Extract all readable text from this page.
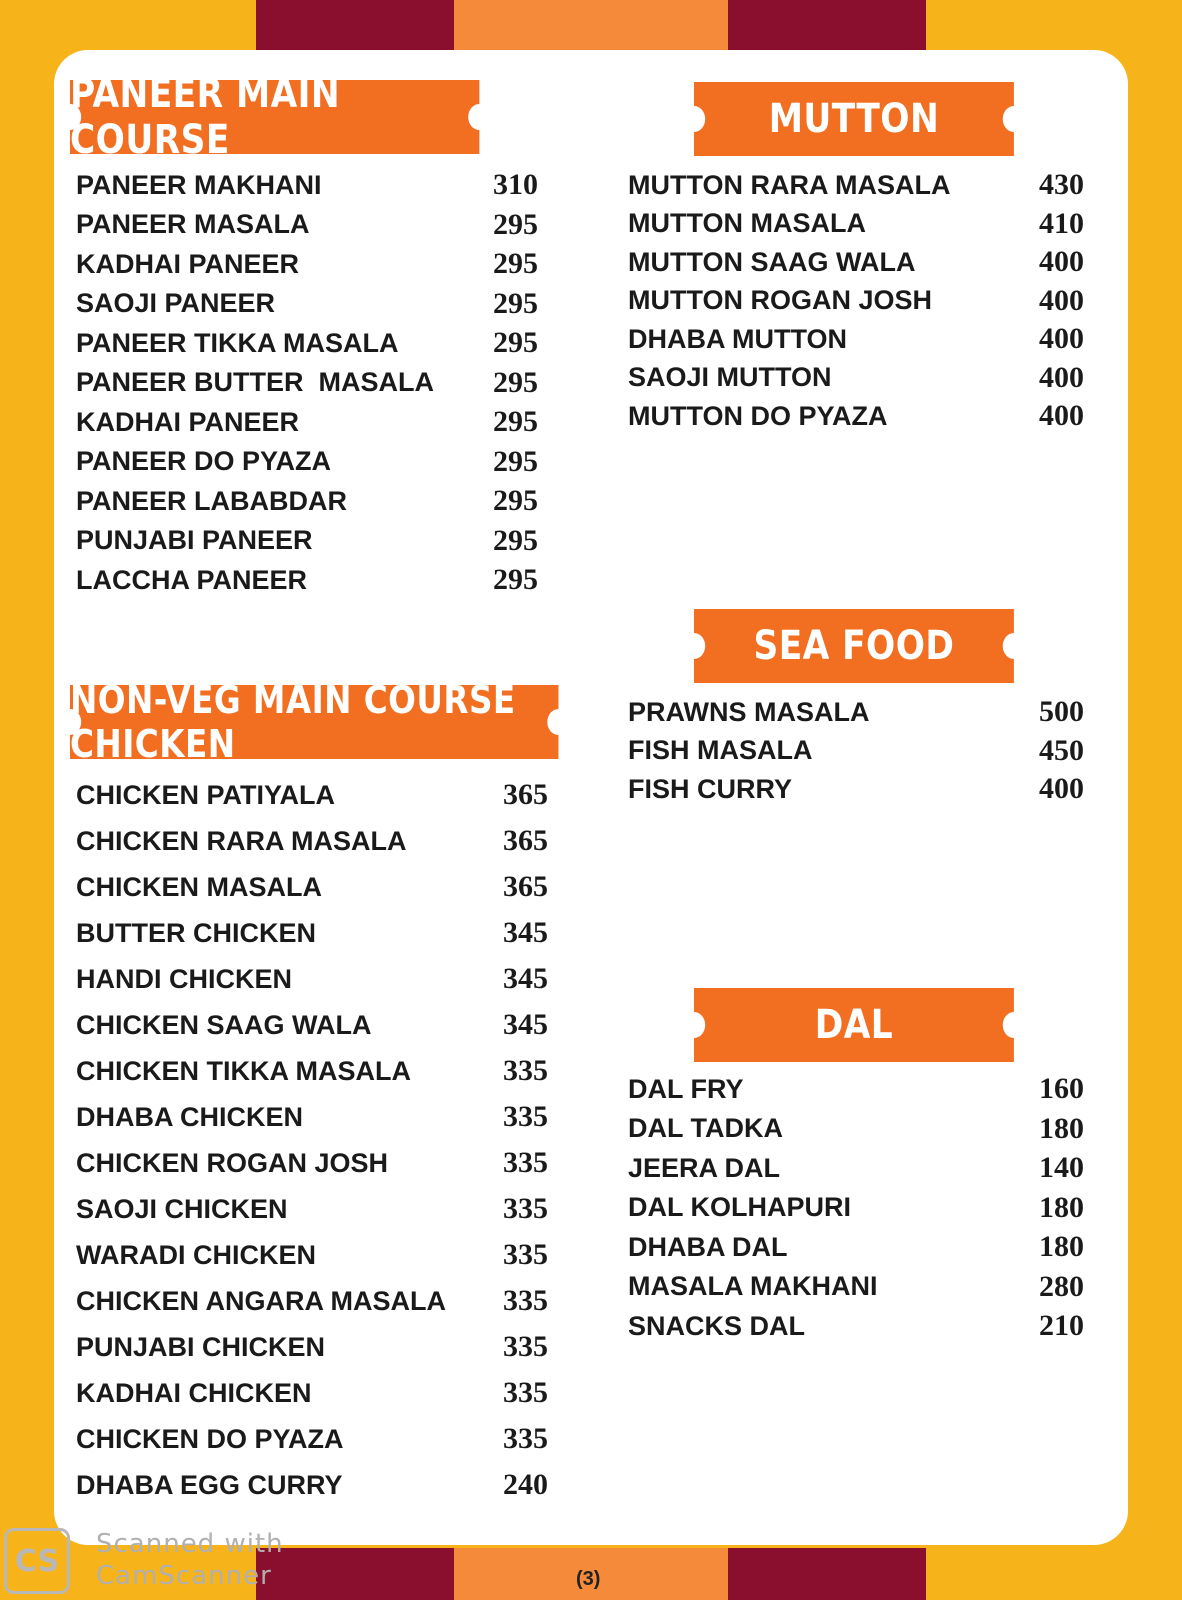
PANEER MAIN COURSE
NON-VEG MAIN COURSE CHICKEN
MUTTON
SEA FOOD
DAL
PANEER MAKHANI	310
PANEER MASALA	295
KADHAI PANEER	295
SAOJI PANEER	295
PANEER TIKKA MASALA	295
PANEER BUTTER  MASALA 295
KADHAI PANEER	295
PANEER DO PYAZA	295
PANEER LABABDAR	295
PUNJABI PANEER	295
LACCHA PANEER	295
CHICKEN PATIYALA	365
CHICKEN RARA MASALA	365
CHICKEN MASALA	365
BUTTER CHICKEN	345
HANDI CHICKEN	345
CHICKEN SAAG WALA	345
CHICKEN TIKKA MASALA	335
DHABA CHICKEN	335
CHICKEN ROGAN JOSH	335
SAOJI CHICKEN	335
WARADI CHICKEN	335
CHICKEN ANGARA MASALA 335
PUNJABI CHICKEN	335
KADHAI CHICKEN	335
CHICKEN DO PYAZA	335
DHABA EGG CURRY	240
MUTTON RARA MASALA	430
MUTTON MASALA	410
MUTTON SAAG WALA	400
MUTTON ROGAN JOSH	400
DHABA MUTTON	400
SAOJI MUTTON	400
MUTTON DO PYAZA	400
PRAWNS MASALA	500
FISH MASALA	450
FISH CURRY	400
DAL FRY	160
DAL TADKA	180
JEERA DAL	140
DAL KOLHAPURI	180
DHABA DAL	180
MASALA MAKHANI	280
SNACKS DAL	210
CS	Scanned with CamScanner	(3)
